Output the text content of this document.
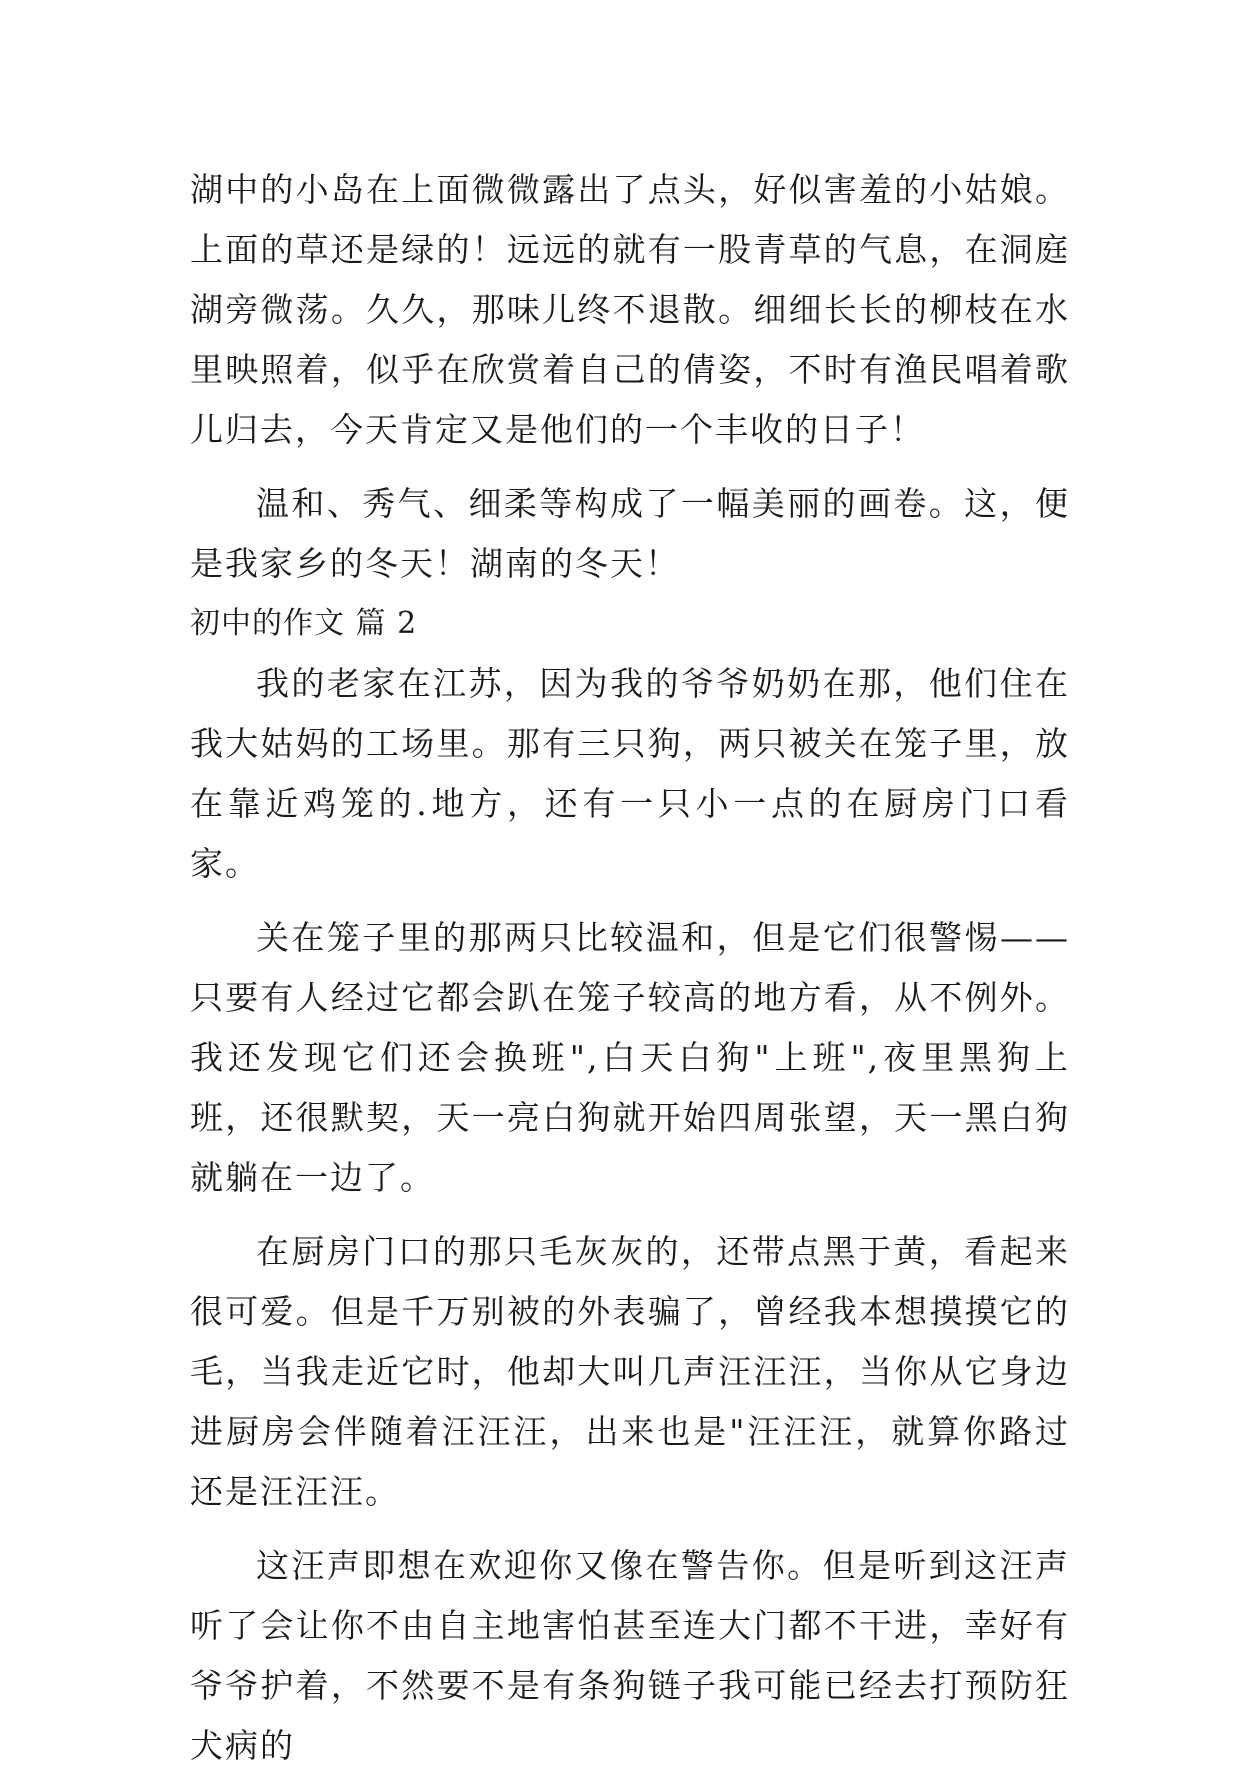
湖中的小岛在上面微微露出了点头，好似害羞的小姑娘。上面的草还是绿的！远远的就有一股青草的气息，在洞庭湖旁微荡。久久，那味儿终不退散。细细长长的柳枝在水里映照着，似乎在欣赏着自己的倩姿，不时有渔民唱着歌儿归去，今天肯定又是他们的一个丰收的日子！

温和、秀气、细柔等构成了一幅美丽的画卷。这，便是我家乡的冬天！湖南的冬天！

初中的作文 篇 2

我的老家在江苏，因为我的爷爷奶奶在那，他们住在我大姑妈的工场里。那有三只狗，两只被关在笼子里，放在靠近鸡笼的.地方，还有一只小一点的在厨房门口看家。

关在笼子里的那两只比较温和，但是它们很警惕——只要有人经过它都会趴在笼子较高的地方看，从不例外。我还发现它们还会换班",白天白狗"上班",夜里黑狗上班，还很默契，天一亮白狗就开始四周张望，天一黑白狗就躺在一边了。

在厨房门口的那只毛灰灰的，还带点黑于黄，看起来很可爱。但是千万别被的外表骗了，曾经我本想摸摸它的毛，当我走近它时，他却大叫几声汪汪汪，当你从它身边进厨房会伴随着汪汪汪，出来也是"汪汪汪，就算你路过还是汪汪汪。

这汪声即想在欢迎你又像在警告你。但是听到这汪声听了会让你不由自主地害怕甚至连大门都不干进，幸好有爷爷护着，不然要不是有条狗链子我可能已经去打预防狂犬病的
